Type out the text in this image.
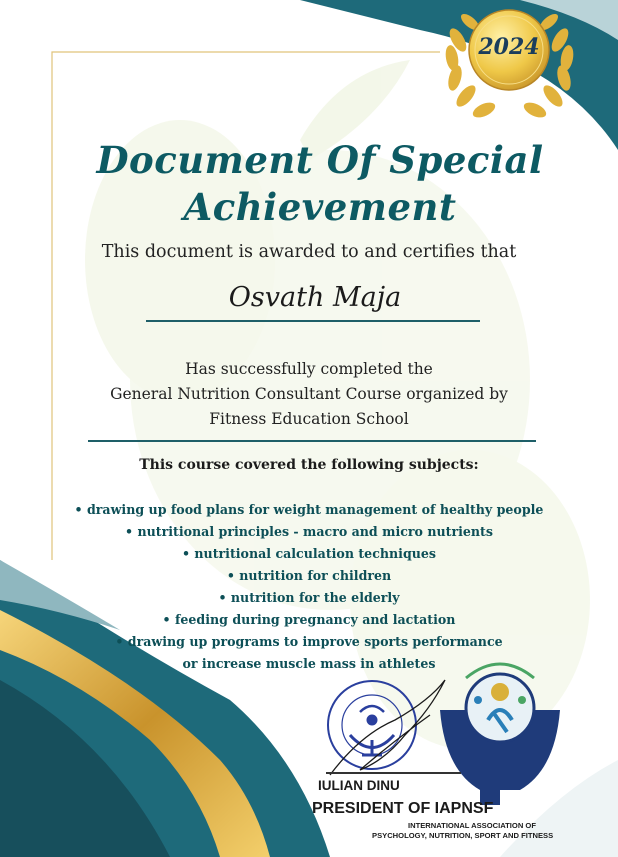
2024
Document Of Special
Achievement
This document is awarded to and certifies that
Osvath Maja
Has successfully completed the
General Nutrition Consultant Course organized by
Fitness Education School
This course covered the following subjects:
• drawing up food plans for weight management of healthy people
• nutritional principles - macro and micro nutrients
• nutritional calculation techniques
• nutrition for children
• nutrition for the elderly
• feeding during pregnancy and lactation
• drawing up programs to improve sports performance
or increase muscle mass in athletes
IULIAN DINU
PRESIDENT OF IAPNSF
INTERNATIONAL ASSOCIATION OF
PSYCHOLOGY, NUTRITION, SPORT AND FITNESS
